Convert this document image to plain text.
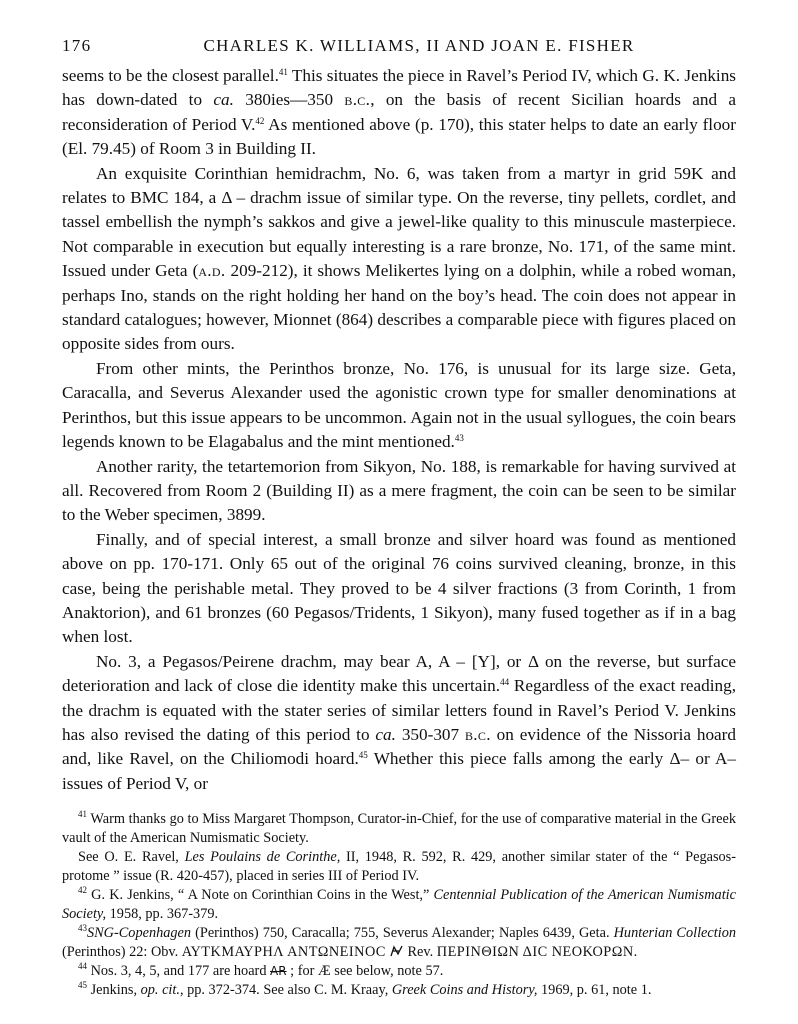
176	CHARLES K. WILLIAMS, II AND JOAN E. FISHER

seems to be the closest parallel.$^{41}$ This situates the piece in Ravel’s Period IV, which G. K. Jenkins has down-dated to ca. 380ies—350 b.c., on the basis of recent Sicilian hoards and a reconsideration of Period V.$^{42}$ As mentioned above (p. 170), this stater helps to date an early floor (El. 79.45) of Room 3 in Building II.

An exquisite Corinthian hemidrachm, No. 6, was taken from a martyr in grid 59K and relates to BMC 184, a Δ – drachm issue of similar type. On the reverse, tiny pellets, cordlet, and tassel embellish the nymph’s sakkos and give a jewel-like quality to this minuscule masterpiece. Not comparable in execution but equally interesting is a rare bronze, No. 171, of the same mint. Issued under Geta (a.d. 209-212), it shows Melikertes lying on a dolphin, while a robed woman, perhaps Ino, stands on the right holding her hand on the boy’s head. The coin does not appear in standard catalogues; however, Mionnet (864) describes a comparable piece with figures placed on opposite sides from ours.

From other mints, the Perinthos bronze, No. 176, is unusual for its large size. Geta, Caracalla, and Severus Alexander used the agonistic crown type for smaller denominations at Perinthos, but this issue appears to be uncommon. Again not in the usual syllogues, the coin bears legends known to be Elagabalus and the mint mentioned.$^{43}$

Another rarity, the tetartemorion from Sikyon, No. 188, is remarkable for having survived at all. Recovered from Room 2 (Building II) as a mere fragment, the coin can be seen to be similar to the Weber specimen, 3899.

Finally, and of special interest, a small bronze and silver hoard was found as mentioned above on pp. 170-171. Only 65 out of the original 76 coins survived cleaning, bronze, in this case, being the perishable metal. They proved to be 4 silver fractions (3 from Corinth, 1 from Anaktorion), and 61 bronzes (60 Pegasos/Tridents, 1 Sikyon), many fused together as if in a bag when lost.

No. 3, a Pegasos/Peirene drachm, may bear A, A – [Y], or Δ on the reverse, but surface deterioration and lack of close die identity make this uncertain.$^{44}$ Regardless of the exact reading, the drachm is equated with the stater series of similar letters found in Ravel’s Period V. Jenkins has also revised the dating of this period to ca. 350-307 b.c. on evidence of the Nissoria hoard and, like Ravel, on the Chiliomodi hoard.$^{45}$ Whether this piece falls among the early Δ– or A– issues of Period V, or

$^{41}$ Warm thanks go to Miss Margaret Thompson, Curator-in-Chief, for the use of comparative material in the Greek vault of the American Numismatic Society.

See O. E. Ravel, Les Poulains de Corinthe, II, 1948, R. 592, R. 429, another similar stater of the “ Pegasos-protome ” issue (R. 420-457), placed in series III of Period IV.

$^{42}$ G. K. Jenkins, “ A Note on Corinthian Coins in the West,” Centennial Publication of the American Numismatic Society, 1958, pp. 367-379.

$^{43}$SNG-Copenhagen (Perinthos) 750, Caracalla; 755, Severus Alexander; Naples 6439, Geta. Hunterian Collection (Perinthos) 22: Obv. ΑΥΤΚΜΑΥΡΗΛ ΑΝΤΩΝΕΙΝΟϹ  Rev. ΠΕΡΙΝΘΙΩΝ ΔΙϹ ΝΕΟΚΟΡΩΝ.

$^{44}$ Nos. 3, 4, 5, and 177 are hoard AR ; for Æ see below, note 57.

$^{45}$ Jenkins, op. cit., pp. 372-374. See also C. M. Kraay, Greek Coins and History, 1969, p. 61, note 1.
